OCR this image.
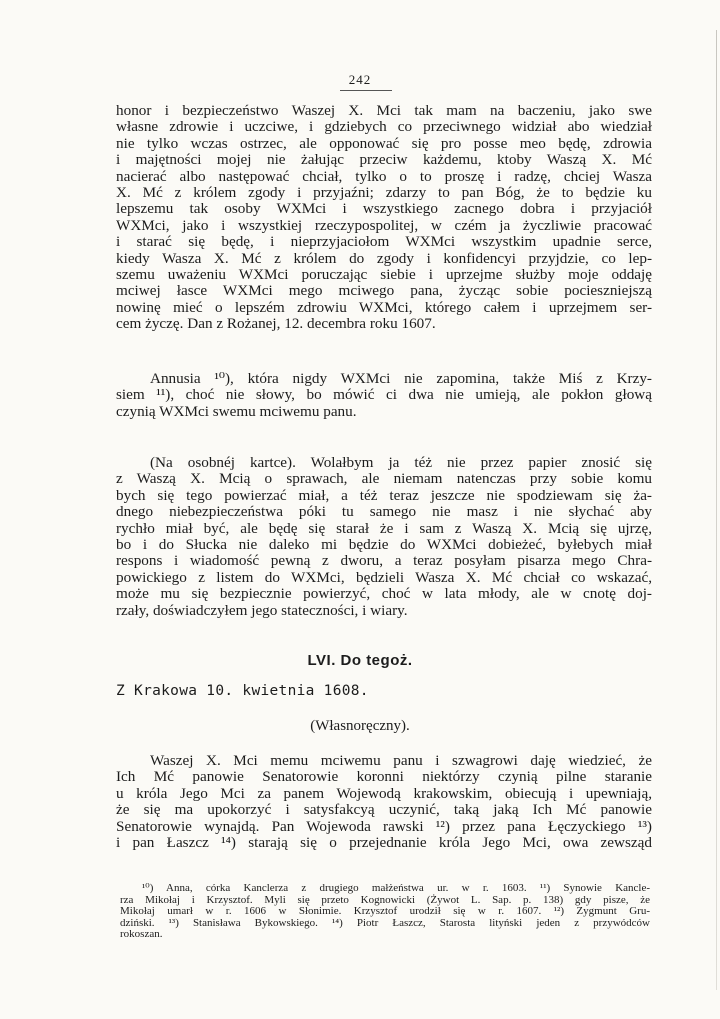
242
honor i bezpieczeństwo Waszej X. Mci tak mam na baczeniu, jako swe
własne zdrowie i uczciwe, i gdziebych co przeciwnego widział abo wiedział
nie tylko wczas ostrzec, ale opponować się pro posse meo będę, zdrowia
i majętności mojej nie żałując przeciw każdemu, ktoby Waszą X. Mć
nacierać albo następować chciał, tylko o to proszę i radzę, chciej Wasza
X. Mć z królem zgody i przyjaźni; zdarzy to pan Bóg, że to będzie ku
lepszemu tak osoby WXMci i wszystkiego zacnego dobra i przyjaciół
WXMci, jako i wszystkiej rzeczypospolitej, w czém ja życzliwie pracować
i starać się będę, i nieprzyjaciołom WXMci wszystkim upadnie serce,
kiedy Wasza X. Mć z królem do zgody i konfidencyi przyjdzie, co lep-
szemu uważeniu WXMci poruczając siebie i uprzejme służby moje oddaję
mciwej łasce WXMci mego mciwego pana, życząc sobie pocieszniejszą
nowinę mieć o lepszém zdrowiu WXMci, którego całem i uprzejmem ser-
cem życzę. Dan z Rożanej, 12. decembra roku 1607.
Annusia ¹⁰), która nigdy WXMci nie zapomina, także Miś z Krzy-
siem ¹¹), choć nie słowy, bo mówić ci dwa nie umieją, ale pokłon głową
czynią WXMci swemu mciwemu panu.
(Na osobnéj kartce). Wolałbym ja téż nie przez papier znosić się
z Waszą X. Mcią o sprawach, ale niemam natenczas przy sobie komu
bych się tego powierzać miał, a téż teraz jeszcze nie spodziewam się ża-
dnego niebezpieczeństwa póki tu samego nie masz i nie słychać aby
rychło miał być, ale będę się starał że i sam z Waszą X. Mcią się ujrzę,
bo i do Słucka nie daleko mi będzie do WXMci dobieżeć, byłebych miał
respons i wiadomość pewną z dworu, a teraz posyłam pisarza mego Chra-
powickiego z listem do WXMci, będzieli Wasza X. Mć chciał co wskazać,
może mu się bezpiecznie powierzyć, choć w lata młody, ale w cnotę doj-
rzały, doświadczyłem jego stateczności, i wiary.
LVI. Do tegoż.
Z Krakowa 10. kwietnia 1608.
(Własnoręczny).
Waszej X. Mci memu mciwemu panu i szwagrowi daję wiedzieć, że
Ich Mć panowie Senatorowie koronni niektórzy czynią pilne staranie
u króla Jego Mci za panem Wojewodą krakowskim, obiecują i upewniają,
że się ma upokorzyć i satysfakcyą uczynić, taką jaką Ich Mć panowie
Senatorowie wynajdą. Pan Wojewoda rawski ¹²) przez pana Łęczyckiego ¹³)
i pan Łaszcz ¹⁴) starają się o przejednanie króla Jego Mci, owa zewsząd
¹⁰) Anna, córka Kanclerza z drugiego małżeństwa ur. w r. 1603. ¹¹) Synowie Kancle-
rza Mikołaj i Krzysztof. Myli się przeto Kognowicki (Żywot L. Sap. p. 138) gdy pisze, że
Mikołaj umarł w r. 1606 w Słonimie. Krzysztof urodził się w r. 1607. ¹²) Zygmunt Gru-
dziński. ¹³) Stanisława Bykowskiego. ¹⁴) Piotr Łaszcz, Starosta lityński jeden z przywódców
rokoszan.
